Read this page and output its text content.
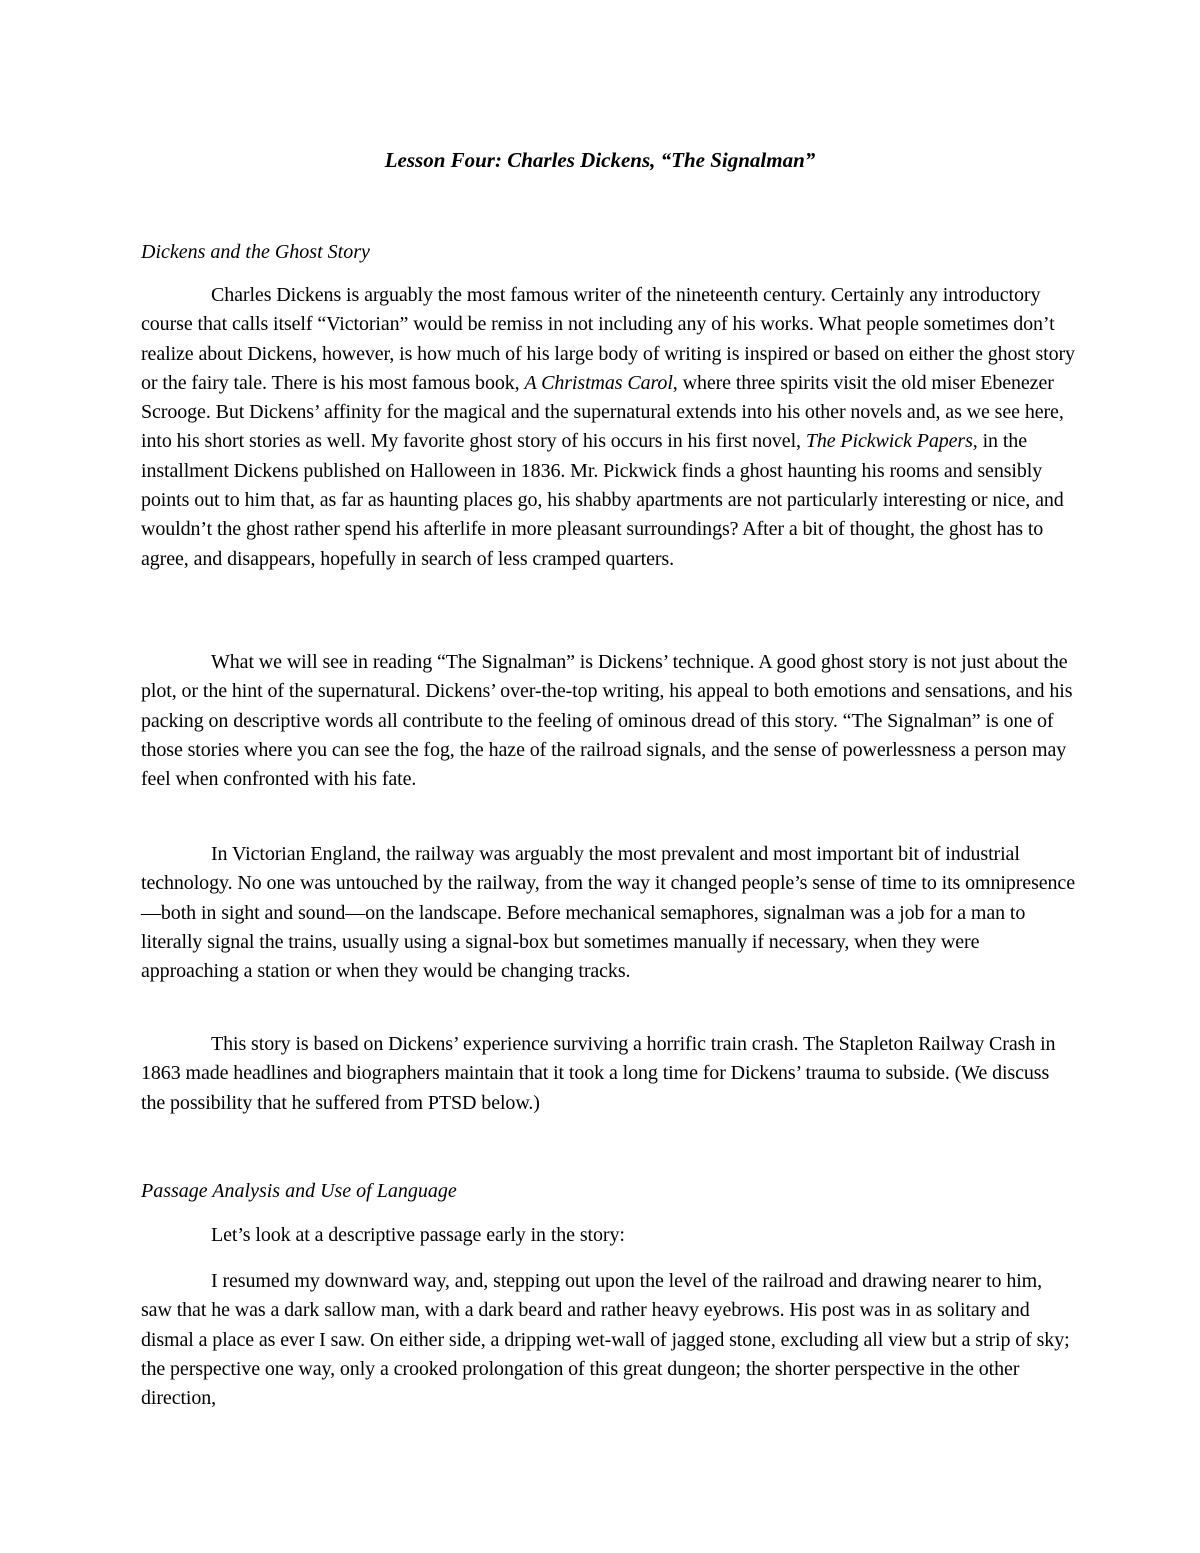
Lesson Four: Charles Dickens, “The Signalman”
Dickens and the Ghost Story

Charles Dickens is arguably the most famous writer of the nineteenth century. Certainly any introductory course that calls itself “Victorian” would be remiss in not including any of his works. What people sometimes don’t realize about Dickens, however, is how much of his large body of writing is inspired or based on either the ghost story or the fairy tale. There is his most famous book, A Christmas Carol, where three spirits visit the old miser Ebenezer Scrooge. But Dickens’ affinity for the magical and the supernatural extends into his other novels and, as we see here, into his short stories as well. My favorite ghost story of his occurs in his first novel, The Pickwick Papers, in the installment Dickens published on Halloween in 1836. Mr. Pickwick finds a ghost haunting his rooms and sensibly points out to him that, as far as haunting places go, his shabby apartments are not particularly interesting or nice, and wouldn’t the ghost rather spend his afterlife in more pleasant surroundings? After a bit of thought, the ghost has to agree, and disappears, hopefully in search of less cramped quarters.

What we will see in reading “The Signalman” is Dickens’ technique. A good ghost story is not just about the plot, or the hint of the supernatural. Dickens’ over-the-top writing, his appeal to both emotions and sensations, and his packing on descriptive words all contribute to the feeling of ominous dread of this story. “The Signalman” is one of those stories where you can see the fog, the haze of the railroad signals, and the sense of powerlessness a person may feel when confronted with his fate.

In Victorian England, the railway was arguably the most prevalent and most important bit of industrial technology. No one was untouched by the railway, from the way it changed people’s sense of time to its omnipresence—both in sight and sound—on the landscape. Before mechanical semaphores, signalman was a job for a man to literally signal the trains, usually using a signal-box but sometimes manually if necessary, when they were approaching a station or when they would be changing tracks.

This story is based on Dickens’ experience surviving a horrific train crash. The Stapleton Railway Crash in 1863 made headlines and biographers maintain that it took a long time for Dickens’ trauma to subside. (We discuss the possibility that he suffered from PTSD below.)

Passage Analysis and Use of Language

Let’s look at a descriptive passage early in the story:

I resumed my downward way, and, stepping out upon the level of the railroad and drawing nearer to him, saw that he was a dark sallow man, with a dark beard and rather heavy eyebrows. His post was in as solitary and dismal a place as ever I saw. On either side, a dripping wet-wall of jagged stone, excluding all view but a strip of sky; the perspective one way, only a crooked prolongation of this great dungeon; the shorter perspective in the other direction,
